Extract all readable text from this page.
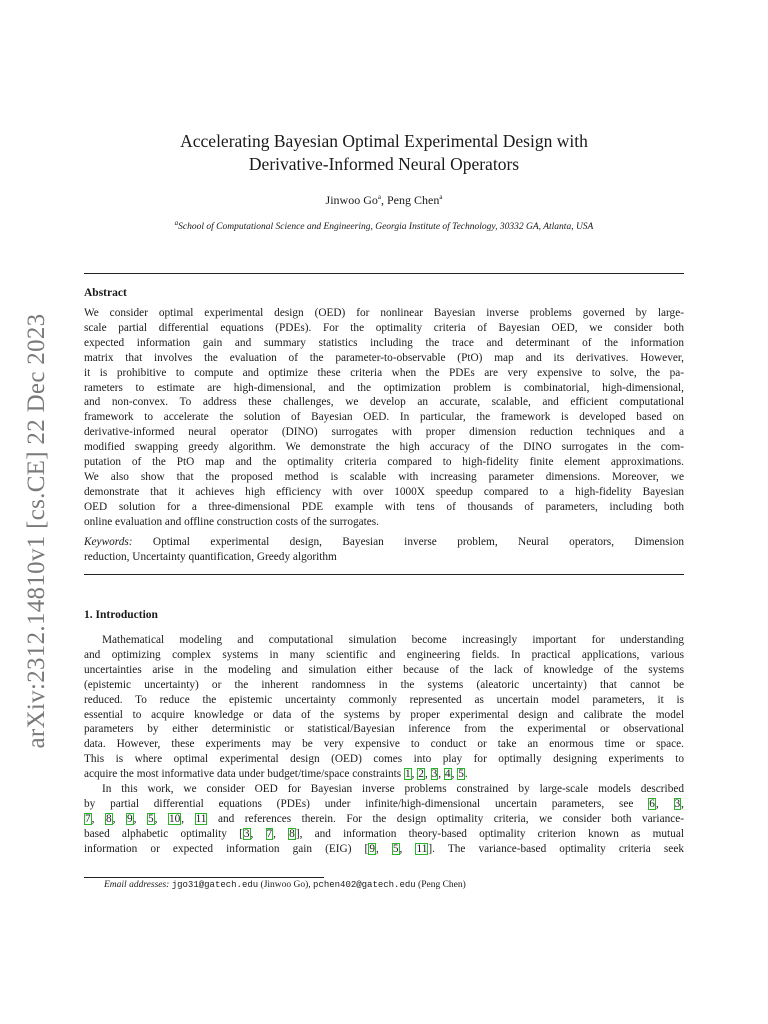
arXiv:2312.14810v1 [cs.CE] 22 Dec 2023
Accelerating Bayesian Optimal Experimental Design with
Derivative-Informed Neural Operators
Jinwoo Go$^a$, Peng Chen$^a$
$^a$School of Computational Science and Engineering, Georgia Institute of Technology, 30332 GA, Atlanta, USA
Abstract
We consider optimal experimental design (OED) for nonlinear Bayesian inverse problems governed by large-
scale partial differential equations (PDEs). For the optimality criteria of Bayesian OED, we consider both
expected information gain and summary statistics including the trace and determinant of the information
matrix that involves the evaluation of the parameter-to-observable (PtO) map and its derivatives. However,
it is prohibitive to compute and optimize these criteria when the PDEs are very expensive to solve, the pa-
rameters to estimate are high-dimensional, and the optimization problem is combinatorial, high-dimensional,
and non-convex. To address these challenges, we develop an accurate, scalable, and efficient computational
framework to accelerate the solution of Bayesian OED. In particular, the framework is developed based on
derivative-informed neural operator (DINO) surrogates with proper dimension reduction techniques and a
modified swapping greedy algorithm. We demonstrate the high accuracy of the DINO surrogates in the com-
putation of the PtO map and the optimality criteria compared to high-fidelity finite element approximations.
We also show that the proposed method is scalable with increasing parameter dimensions. Moreover, we
demonstrate that it achieves high efficiency with over 1000X speedup compared to a high-fidelity Bayesian
OED solution for a three-dimensional PDE example with tens of thousands of parameters, including both
online evaluation and offline construction costs of the surrogates.
Keywords: Optimal experimental design, Bayesian inverse problem, Neural operators, Dimension
reduction, Uncertainty quantification, Greedy algorithm
1. Introduction
Mathematical modeling and computational simulation become increasingly important for understanding
and optimizing complex systems in many scientific and engineering fields. In practical applications, various
uncertainties arise in the modeling and simulation either because of the lack of knowledge of the systems
(epistemic uncertainty) or the inherent randomness in the systems (aleatoric uncertainty) that cannot be
reduced. To reduce the epistemic uncertainty commonly represented as uncertain model parameters, it is
essential to acquire knowledge or data of the systems by proper experimental design and calibrate the model
parameters by either deterministic or statistical/Bayesian inference from the experimental or observational
data. However, these experiments may be very expensive to conduct or take an enormous time or space.
This is where optimal experimental design (OED) comes into play for optimally designing experiments to
acquire the most informative data under budget/time/space constraints 1, 2, 3, 4, 5.
In this work, we consider OED for Bayesian inverse problems constrained by large-scale models described
by partial differential equations (PDEs) under infinite/high-dimensional uncertain parameters, see 6, 3,
7, 8, 9, 5, 10, 11 and references therein. For the design optimality criteria, we consider both variance-
based alphabetic optimality [3, 7, 8], and information theory-based optimality criterion known as mutual
information or expected information gain (EIG) [9, 5, 11]. The variance-based optimality criteria seek
Email addresses: jgo31@gatech.edu (Jinwoo Go), pchen402@gatech.edu (Peng Chen)
